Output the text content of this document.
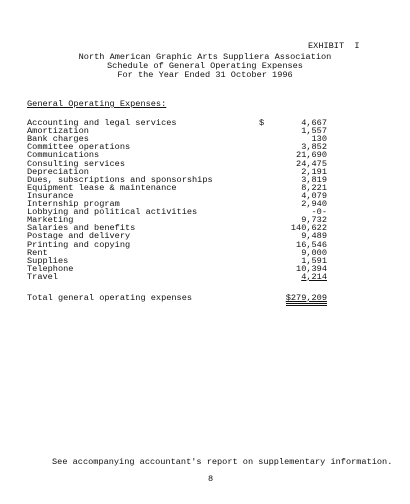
EXHIBIT  I
North American Graphic Arts Suppliera Association
Schedule of General Operating Expenses
For the Year Ended 31 October 1996
General Operating Expenses:
Accounting and legal services	$	4,667
Amortization	1,557
Bank charges	130
Committee operations	3,852
Communications	21,690
Consulting services	24,475
Depreciation	2,191
Dues, subscriptions and sponsorships	3,819
Equipment lease & maintenance	8,221
Insurance	4,079
Internship program	2,940
Lobbying and political activities	-0-
Marketing	9,732
Salaries and benefits	140,622
Postage and delivery	9,489
Printing and copying	16,546
Rent	9,000
Supplies	1,591
Telephone	10,394
Travel	4,214
Total general operating expenses	$279,209
See accompanying accountant's report on supplementary information.
8
